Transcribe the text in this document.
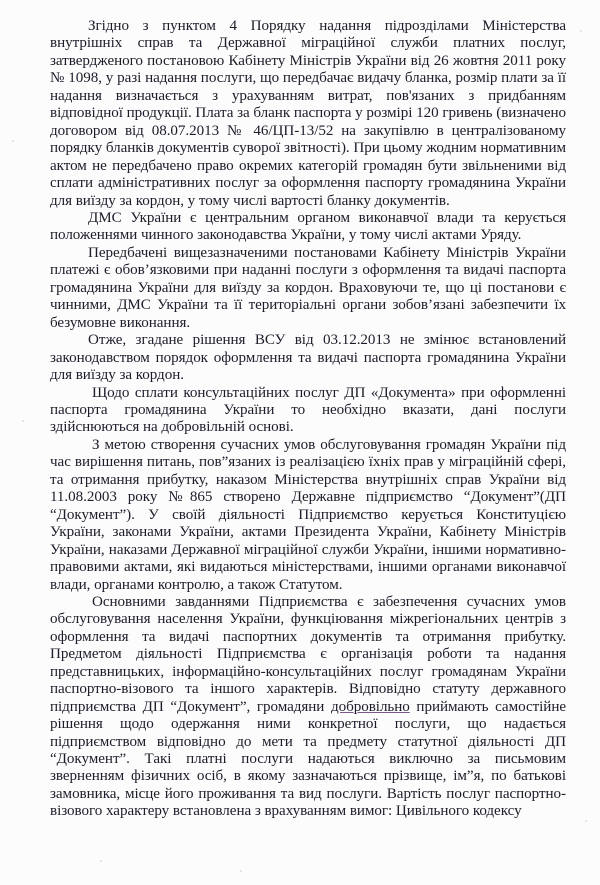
Згідно з пунктом 4 Порядку надання підрозділами Міністерства внутрішніх справ та Державної міграційної служби платних послуг, затвердженого постановою Кабінету Міністрів України від 26 жовтня 2011 року № 1098, у разі надання послуги, що передбачає видачу бланка, розмір плати за її надання визначається з урахуванням витрат, пов'язаних з придбанням відповідної продукції. Плата за бланк паспорта у розмірі 120 гривень (визначено договором від 08.07.2013 № 46/ЦП-13/52 на закупівлю в централізованому порядку бланків документів суворої звітності). При цьому жодним нормативним актом не передбачено право окремих категорій громадян бути звільненими від сплати адміністративних послуг за оформлення паспорту громадянина України для виїзду за кордон, у тому числі вартості бланку документів.

ДМС України є центральним органом виконавчої влади та керується положеннями чинного законодавства України, у тому числі актами Уряду.

Передбачені вищезазначеними постановами Кабінету Міністрів України платежі є обов’язковими при наданні послуги з оформлення та видачі паспорта громадянина України для виїзду за кордон. Враховуючи те, що ці постанови є чинними, ДМС України та її територіальні органи зобов’язані забезпечити їх безумовне виконання.

Отже, згадане рішення ВСУ від 03.12.2013 не змінює встановлений законодавством порядок оформлення та видачі паспорта громадянина України для виїзду за кордон.

Щодо сплати консультаційних послуг ДП «Документа» при оформленні паспорта громадянина України то необхідно вказати, дані послуги здійснюються на добровільній основі.

З метою створення сучасних умов обслуговування громадян України під час вирішення питань, пов”язаних із реалізацією їхніх прав у міграційній сфері, та отримання прибутку, наказом Міністерства внутрішніх справ України від 11.08.2003 року №865 створено Державне підприємство “Документ”(ДП “Документ”). У своїй діяльності Підприємство керується Конституцією України, законами України, актами Президента України, Кабінету Міністрів України, наказами Державної міграційної служби України, іншими нормативно-правовими актами, які видаються міністерствами, іншими органами виконавчої влади, органами контролю, а також Статутом.

Основними завданнями Підприємства є забезпечення сучасних умов обслуговування населення України, функціювання міжрегіональних центрів з оформлення та видачі паспортних документів та отримання прибутку. Предметом діяльності Підприємства є організація роботи та надання представницьких, інформаційно-консультаційних послуг громадянам України паспортно-візового та іншого характерів. Відповідно статуту державного підприємства ДП “Документ”, громадяни добровільно приймають самостійне рішення щодо одержання ними конкретної послуги, що надається підприємством відповідно до мети та предмету статутної діяльності ДП “Документ”. Такі платні послуги надаються виключно за письмовим зверненням фізичних осіб, в якому зазначаються прізвище, ім”я, по батькові замовника, місце його проживання та вид послуги. Вартість послуг паспортно-візового характеру встановлена з врахуванням вимог: Цивільного кодексу
